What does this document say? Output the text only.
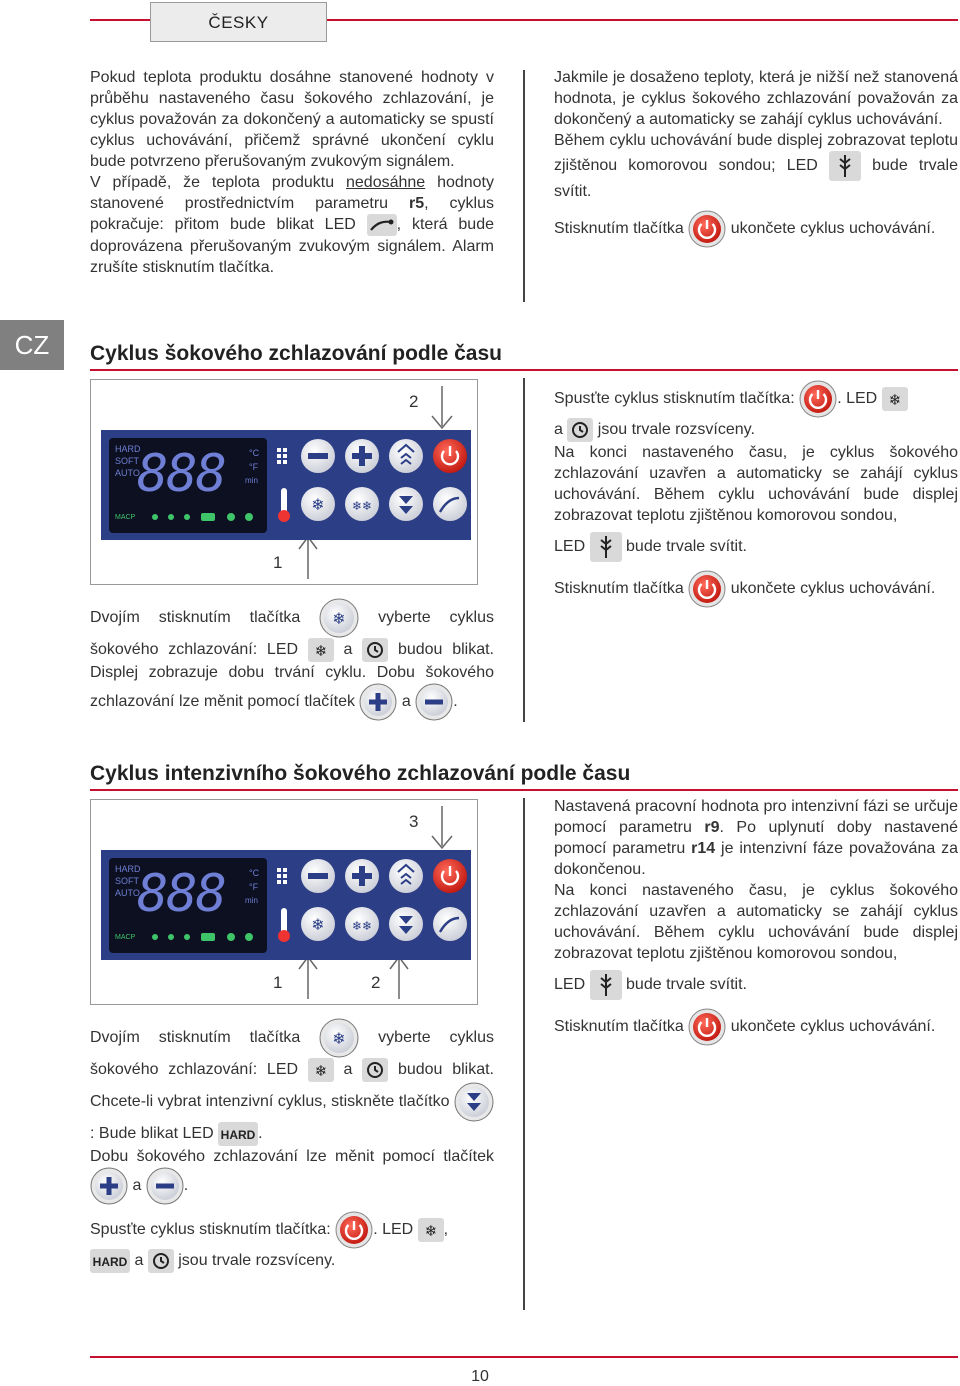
ČESKY
CZ

Pokud teplota produktu dosáhne stanovené hodnoty v průběhu nastaveného času šokového zchlazování, je cyklus považován za dokončený a automaticky se spustí cyklus uchovávání, přičemž správné ukončení cyklu bude potvrzeno přerušovaným zvukovým signálem.

V případě, že teplota produktu nedosáhne hodnoty stanovené prostřednictvím parametru r5, cyklus pokračuje: přitom bude blikat LED
, která bude doprovázena přerušovaným zvukovým signálem. Alarm zrušíte stisknutím tlačítka.

Jakmile je dosaženo teploty, která je nižší než stanovená hodnota, je cyklus šokového zchlazování považován za dokončený a automaticky se zahájí cyklus uchovávání.

Během cyklu uchovávání bude displej zobrazovat teplotu zjištěnou komorovou sondou; LED
bude trvale svítit.

Stisknutím tlačítka
ukončete cyklus uchovávání.

Cyklus šokového zchlazování podle času
2
1
HARD
SOFT
AUTO
888	°C
°F
min
MACP
❄ ❄❄

Dvojím stisknutím tlačítka ❄ vyberte cyklus šokového zchlazování: LED ❄ a
budou blikat. Displej zobrazuje dobu trvání cyklu. Dobu šokového zchlazování lze měnit pomocí tlačítek
a
.

Spusťte cyklus stisknutím tlačítka:
. LED ❄

a
jsou trvale rozsvíceny.

Na konci nastaveného času, je cyklus šokového zchlazování uzavřen a automaticky se zahájí cyklus uchovávání. Během cyklu uchovávání bude displej zobrazovat teplotu zjištěnou komorovou sondou,

LED
bude trvale svítit.

Stisknutím tlačítka
ukončete cyklus uchovávání.

Cyklus intenzivního šokového zchlazování podle času
3
1	2
HARD
SOFT
AUTO
888	°C
°F
min
MACP
❄ ❄❄

Dvojím stisknutím tlačítka ❄ vyberte cyklus šokového zchlazování: LED ❄ a
budou blikat. Chcete-li vybrat intenzivní cyklus, stiskněte tlačítko
: Bude blikat LED HARD .

Dobu šokového zchlazování lze měnit pomocí tlačítek
a
.

Spusťte cyklus stisknutím tlačítka:
. LED ❄ ,

HARD a
jsou trvale rozsvíceny.

Nastavená pracovní hodnota pro intenzivní fázi se určuje pomocí parametru r9. Po uplynutí doby nastavené pomocí parametru r14 je intenzivní fáze považována za dokončenou.

Na konci nastaveného času, je cyklus šokového zchlazování uzavřen a automaticky se zahájí cyklus uchovávání. Během cyklu uchovávání bude displej zobrazovat teplotu zjištěnou komorovou sondou,

LED
bude trvale svítit.

Stisknutím tlačítka
ukončete cyklus uchovávání.

10
